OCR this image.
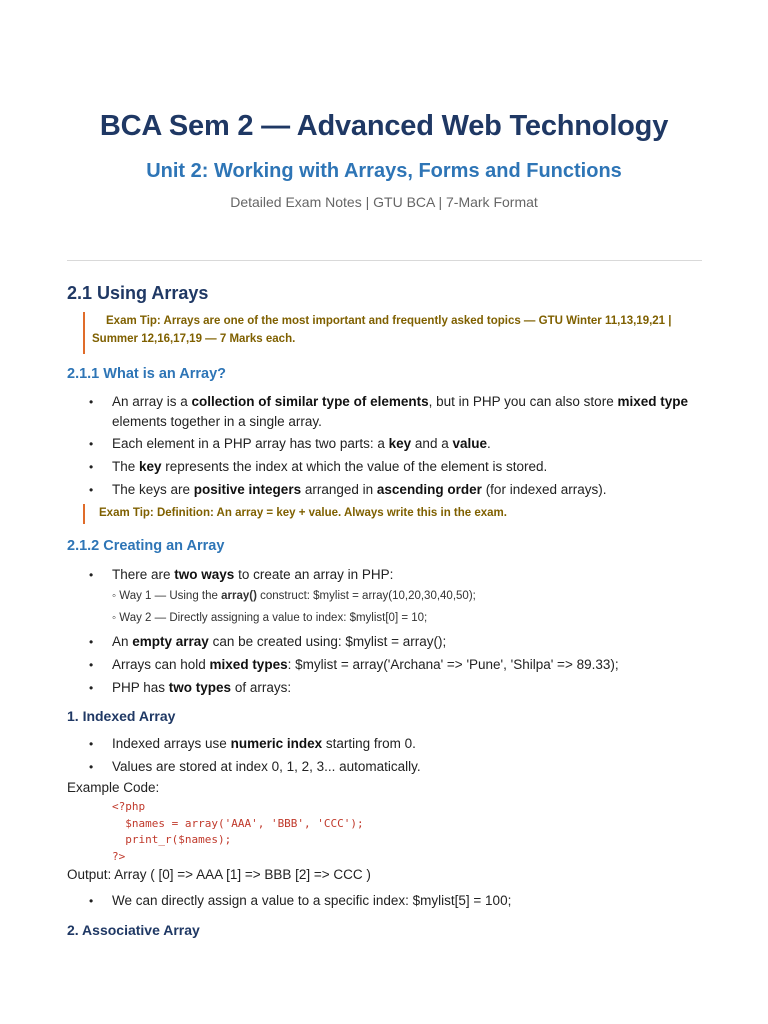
BCA Sem 2 — Advanced Web Technology
Unit 2: Working with Arrays, Forms and Functions
Detailed Exam Notes | GTU BCA | 7-Mark Format
2.1 Using Arrays
Exam Tip: Arrays are one of the most important and frequently asked topics — GTU Winter 11,13,19,21 |
Summer 12,16,17,19 — 7 Marks each.
2.1.1 What is an Array?
• An array is a collection of similar type of elements, but in PHP you can also store mixed type
elements together in a single array.
• Each element in a PHP array has two parts: a key and a value.
• The key represents the index at which the value of the element is stored.
• The keys are positive integers arranged in ascending order (for indexed arrays).
Exam Tip: Definition: An array = key + value. Always write this in the exam.
2.1.2 Creating an Array
• There are two ways to create an array in PHP:
◦ Way 1 — Using the array() construct: $mylist = array(10,20,30,40,50);
◦ Way 2 — Directly assigning a value to index: $mylist[0] = 10;
• An empty array can be created using: $mylist = array();
• Arrays can hold mixed types: $mylist = array('Archana' => 'Pune', 'Shilpa' => 89.33);
• PHP has two types of arrays:
1. Indexed Array
• Indexed arrays use numeric index starting from 0.
• Values are stored at index 0, 1, 2, 3... automatically.
Example Code:
<?php
$names = array('AAA', 'BBB', 'CCC');
print_r($names);
?>
Output: Array ( [0] => AAA [1] => BBB [2] => CCC )
• We can directly assign a value to a specific index: $mylist[5] = 100;
2. Associative Array
